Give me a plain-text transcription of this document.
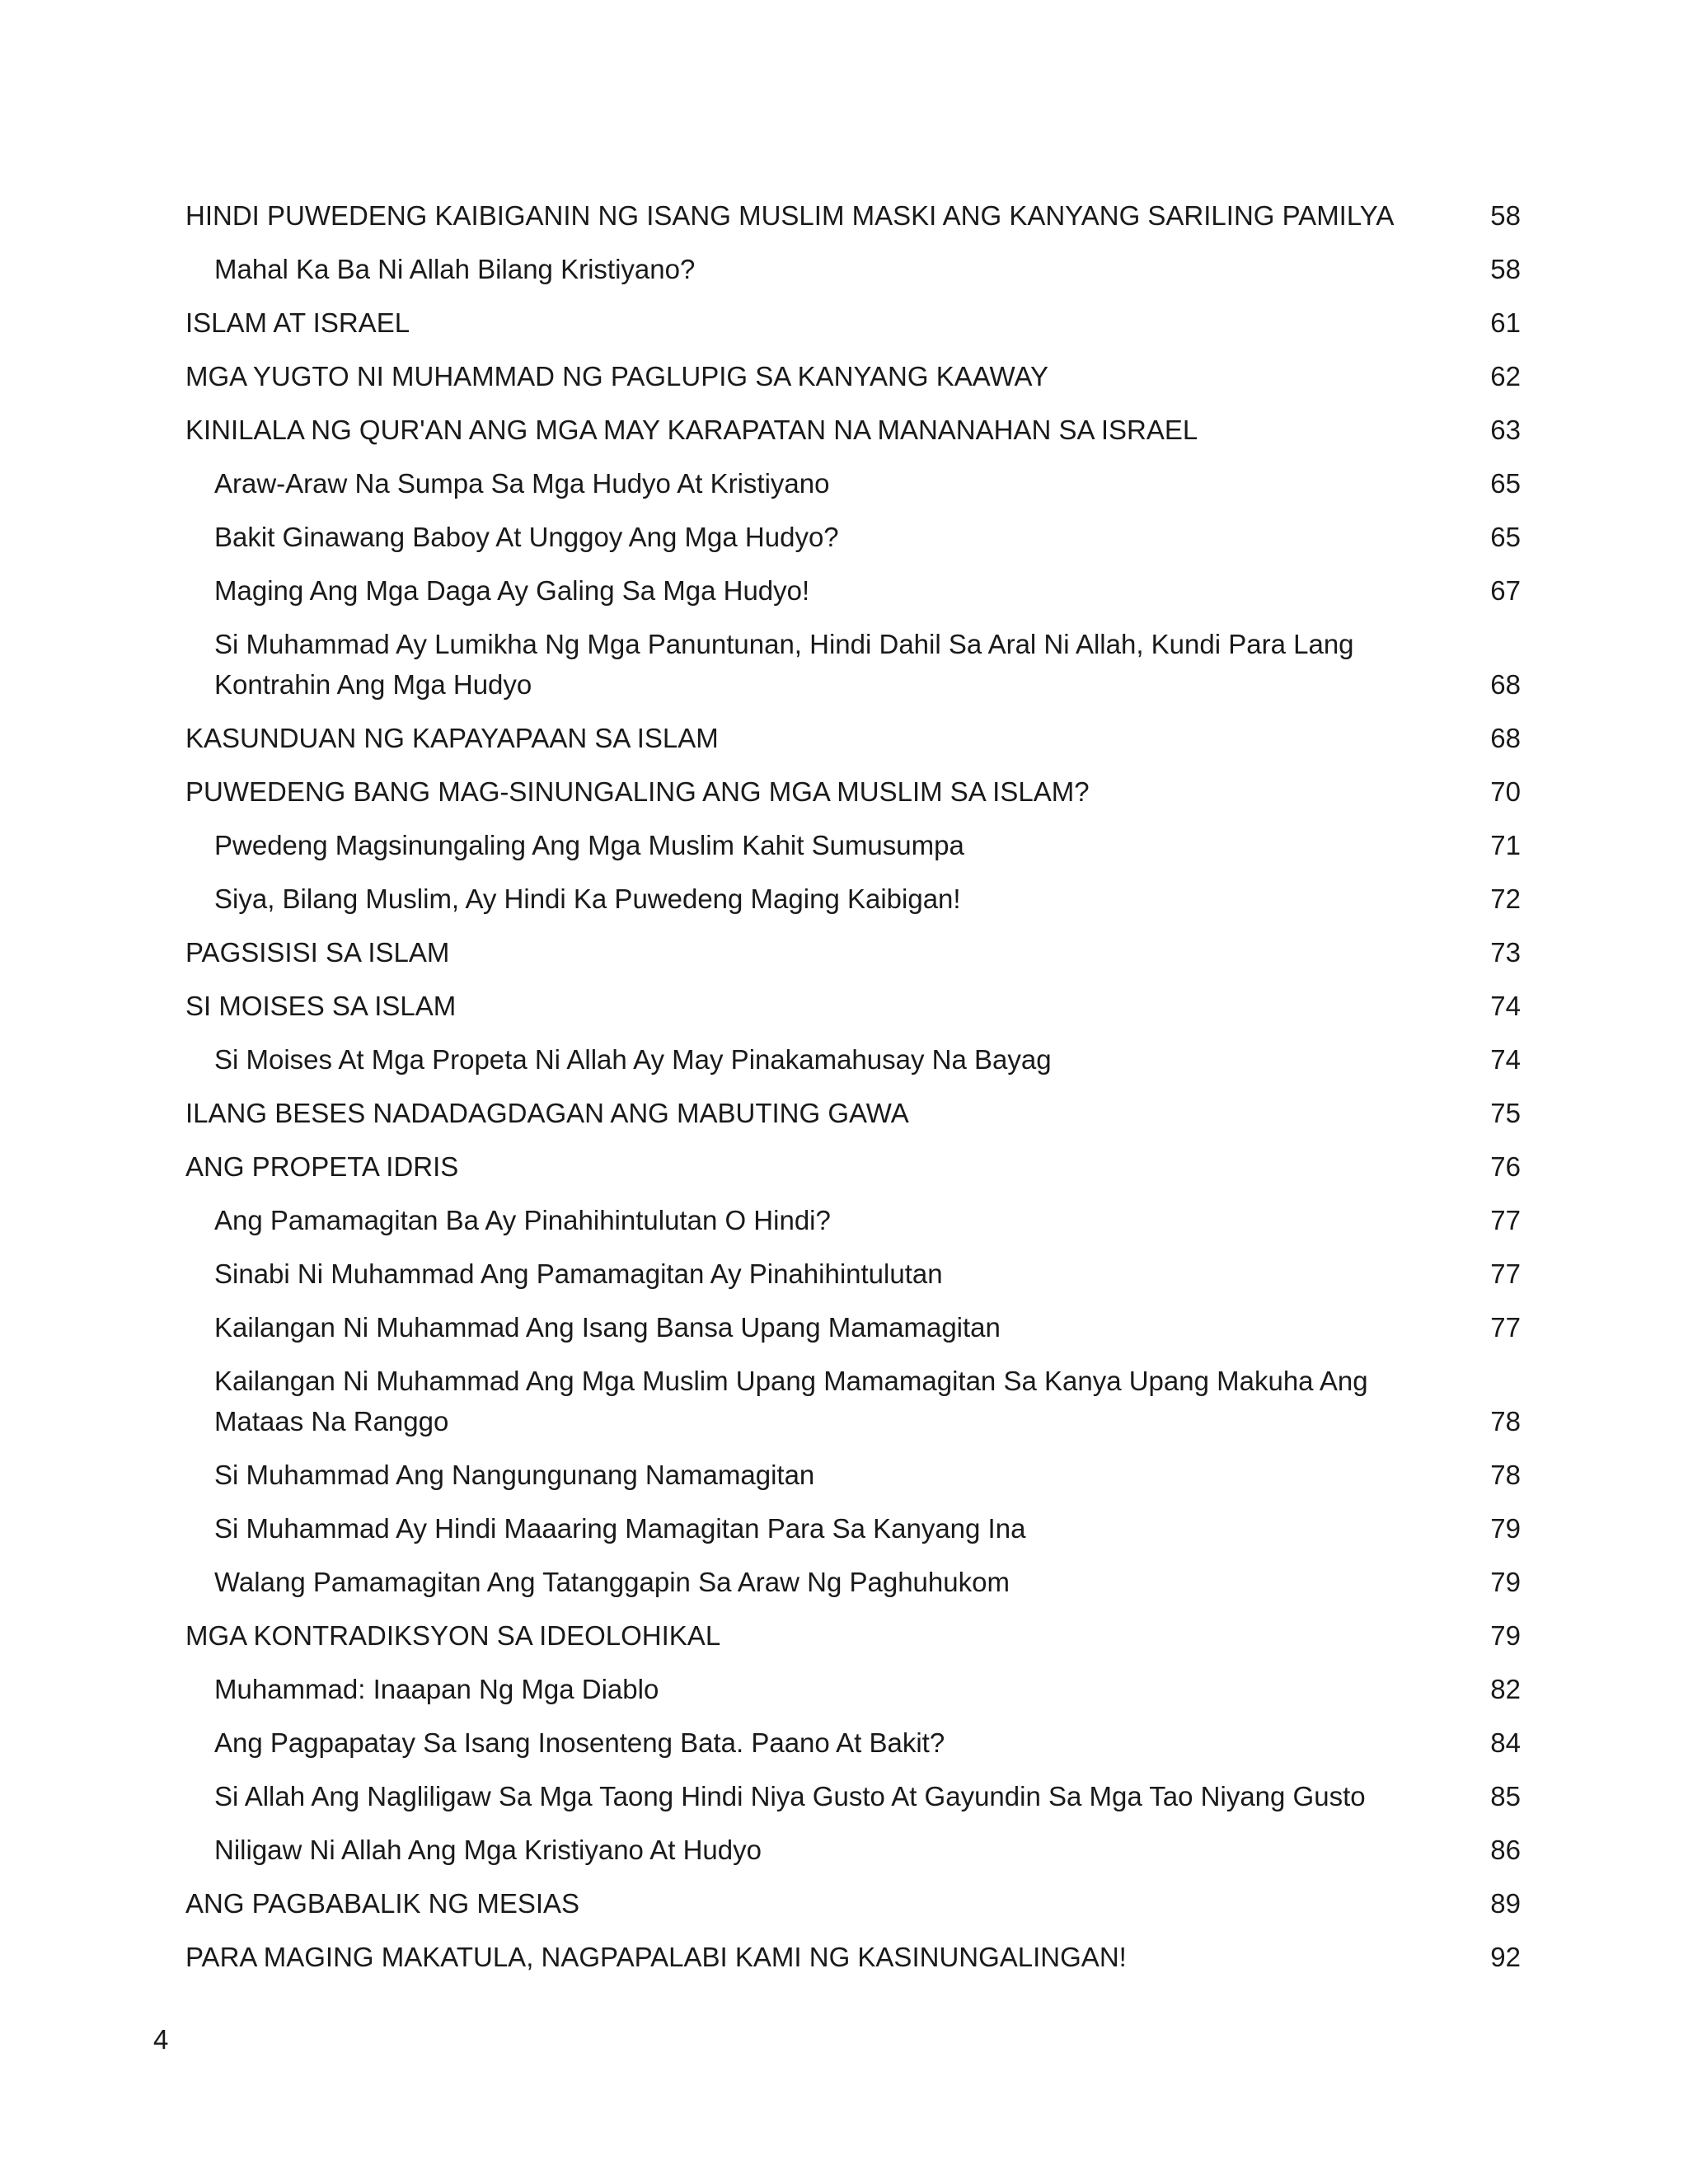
HINDI PUWEDENG KAIBIGANIN NG ISANG MUSLIM MASKI ANG KANYANG SARILING PAMILYA	58
Mahal Ka Ba Ni Allah Bilang Kristiyano?	58
ISLAM AT ISRAEL	61
MGA YUGTO NI MUHAMMAD NG PAGLUPIG SA KANYANG KAAWAY	62
KINILALA NG QUR'AN ANG MGA MAY KARAPATAN NA MANANAHAN SA ISRAEL	63
Araw-Araw Na Sumpa Sa Mga Hudyo At Kristiyano	65
Bakit Ginawang Baboy At Unggoy Ang Mga Hudyo?	65
Maging Ang Mga Daga Ay Galing Sa Mga Hudyo!	67
Si Muhammad Ay Lumikha Ng Mga Panuntunan, Hindi Dahil Sa Aral Ni Allah, Kundi Para Lang Kontrahin Ang Mga Hudyo	68
KASUNDUAN NG KAPAYAPAAN SA ISLAM	68
PUWEDENG BANG MAG-SINUNGALING ANG MGA MUSLIM SA ISLAM?	70
Pwedeng Magsinungaling Ang Mga Muslim Kahit Sumusumpa	71
Siya, Bilang Muslim, Ay Hindi Ka Puwedeng Maging Kaibigan!	72
PAGSISISI SA ISLAM	73
SI MOISES SA ISLAM	74
Si Moises At Mga Propeta Ni Allah Ay May Pinakamahusay Na Bayag	74
ILANG BESES NADADAGDAGAN ANG MABUTING GAWA	75
ANG PROPETA IDRIS	76
Ang Pamamagitan Ba Ay Pinahihintulutan O Hindi?	77
Sinabi Ni Muhammad Ang Pamamagitan Ay Pinahihintulutan	77
Kailangan Ni Muhammad Ang Isang Bansa Upang Mamamagitan	77
Kailangan Ni Muhammad Ang Mga Muslim Upang Mamamagitan Sa Kanya Upang Makuha Ang Mataas Na Ranggo	78
Si Muhammad Ang Nangungunang Namamagitan	78
Si Muhammad Ay Hindi Maaaring Mamagitan Para Sa Kanyang Ina	79
Walang Pamamagitan Ang Tatanggapin Sa Araw Ng Paghuhukom	79
MGA KONTRADIKSYON SA IDEOLOHIKAL	79
Muhammad: Inaapan Ng Mga Diablo	82
Ang Pagpapatay Sa Isang Inosenteng Bata. Paano At Bakit?	84
Si Allah Ang Nagliligaw Sa Mga Taong Hindi Niya Gusto At Gayundin Sa Mga Tao Niyang Gusto	85
Niligaw Ni Allah Ang Mga Kristiyano At Hudyo	86
ANG PAGBABALIK NG MESIAS	89
PARA MAGING MAKATULA, NAGPAPALABI KAMI NG KASINUNGALINGAN!	92
4
